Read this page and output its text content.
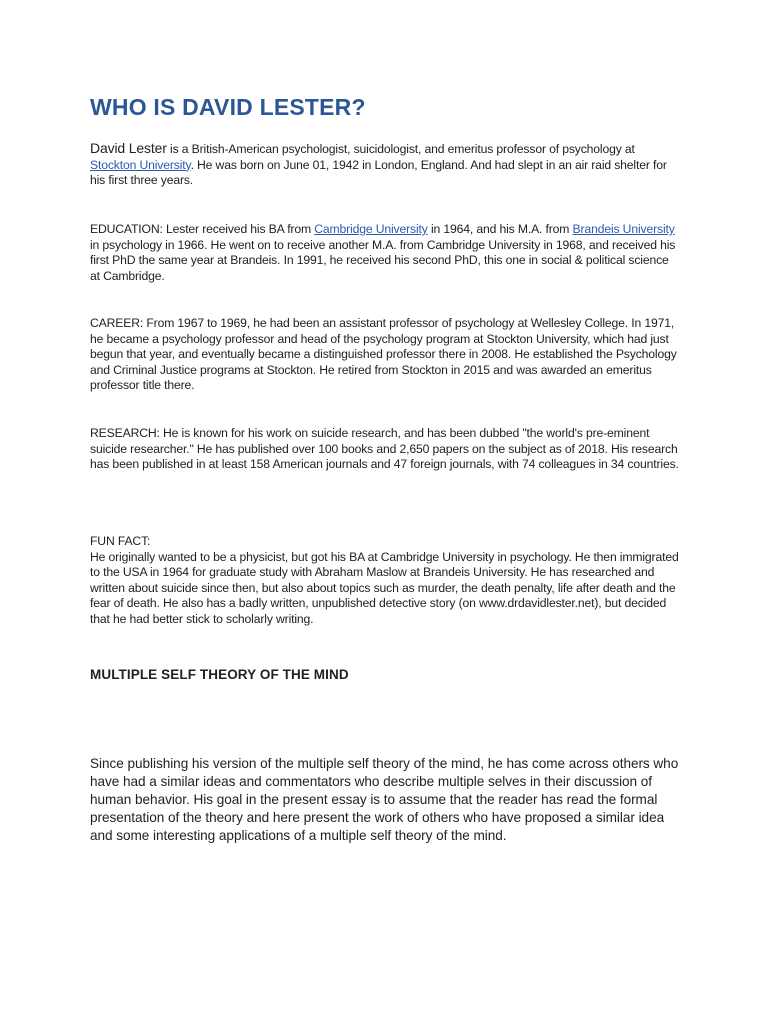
WHO IS DAVID LESTER?

David Lester is a British-American psychologist, suicidologist, and emeritus professor of psychology at Stockton University. He was born on June 01, 1942 in London, England. And had slept in an air raid shelter for his first three years.

EDUCATION: Lester received his BA from Cambridge University in 1964, and his M.A. from Brandeis University in psychology in 1966. He went on to receive another M.A. from Cambridge University in 1968, and received his first PhD the same year at Brandeis. In 1991, he received his second PhD, this one in social & political science at Cambridge.

CAREER: From 1967 to 1969, he had been an assistant professor of psychology at Wellesley College. In 1971, he became a psychology professor and head of the psychology program at Stockton University, which had just begun that year, and eventually became a distinguished professor there in 2008. He established the Psychology and Criminal Justice programs at Stockton. He retired from Stockton in 2015 and was awarded an emeritus professor title there.

RESEARCH: He is known for his work on suicide research, and has been dubbed "the world's pre-eminent suicide researcher." He has published over 100 books and 2,650 papers on the subject as of 2018. His research has been published in at least 158 American journals and 47 foreign journals, with 74 colleagues in 34 countries.

FUN FACT:
He originally wanted to be a physicist, but got his BA at Cambridge University in psychology. He then immigrated to the USA in 1964 for graduate study with Abraham Maslow at Brandeis University. He has researched and written about suicide since then, but also about topics such as murder, the death penalty, life after death and the fear of death. He also has a badly written, unpublished detective story (on www.drdavidlester.net), but decided that he had better stick to scholarly writing.

MULTIPLE SELF THEORY OF THE MIND

Since publishing his version of the multiple self theory of the mind, he has come across others who have had a similar ideas and commentators who describe multiple selves in their discussion of human behavior. His goal in the present essay is to assume that the reader has read the formal presentation of the theory and here present the work of others who have proposed a similar idea and some interesting applications of a multiple self theory of the mind.
